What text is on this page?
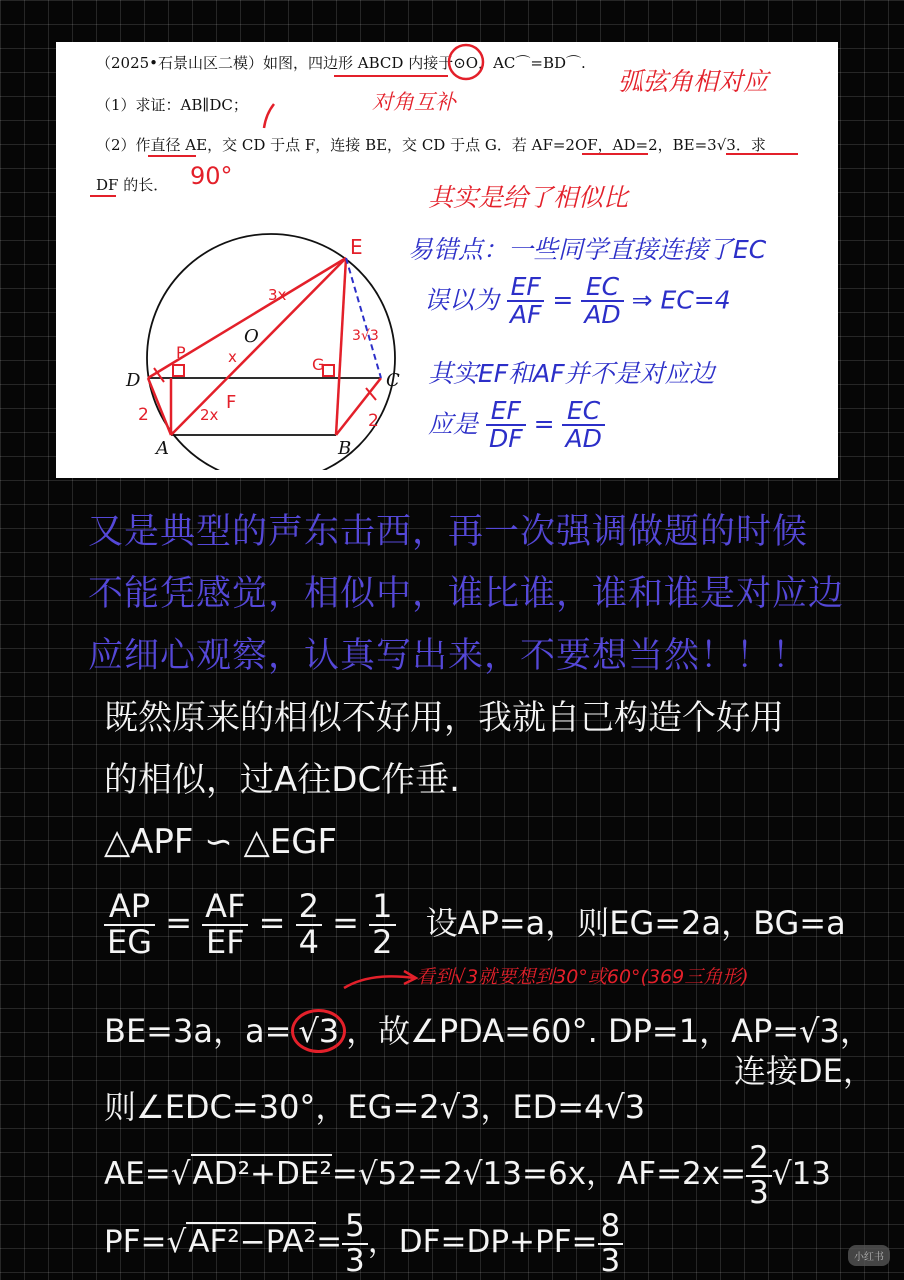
（2025•石景山区二模）如图，四边形 ABCD 内接于⊙O，AC⌒=BD⌒.
（1）求证：AB∥DC；
（2）作直径 AE，交 CD 于点 F，连接 BE，交 CD 于点 G．若 AF=2OF，AD=2，BE=3√3．求
DF 的长．
弧弦角相对应
对角互补
90°
其实是给了相似比
E
O
D	C
A	B
F
G
P
3x
2x
x
2	2
3√3
易错点：一些同学直接连接了EC
误以为 $\frac{EF}{AF} = \frac{EC}{AD}$ ⇒ EC=4
其实EF和AF并不是对应边
应是 $\frac{EF}{DF} = \frac{EC}{AD}$
又是典型的声东击西，再一次强调做题的时候
不能凭感觉，相似中，谁比谁，谁和谁是对应边
应细心观察，认真写出来，不要想当然！！！
既然原来的相似不好用，我就自己构造个好用
的相似，过A往DC作垂.
△APF ∽ △EGF
$\frac{AP}{EG} = \frac{AF}{EF} = \frac{2}{4} = \frac{1}{2}$ 设AP=a，则EG=2a，BG=a
看到√3就要想到30°或60°(369三角形)
BE=3a，a= √3 ，故∠PDA=60°. DP=1，AP=√3，
连接DE，
则∠EDC=30°，EG=2√3，ED=4√3
AE=√AD²+DE²=√52=2√13=6x，$AF=2x= \frac{2}{3} √13$
$PF=√AF^2-PA^2= \frac{5}{3}$ ，$DF=DP+PF= \frac{8}{3}$	小红书
